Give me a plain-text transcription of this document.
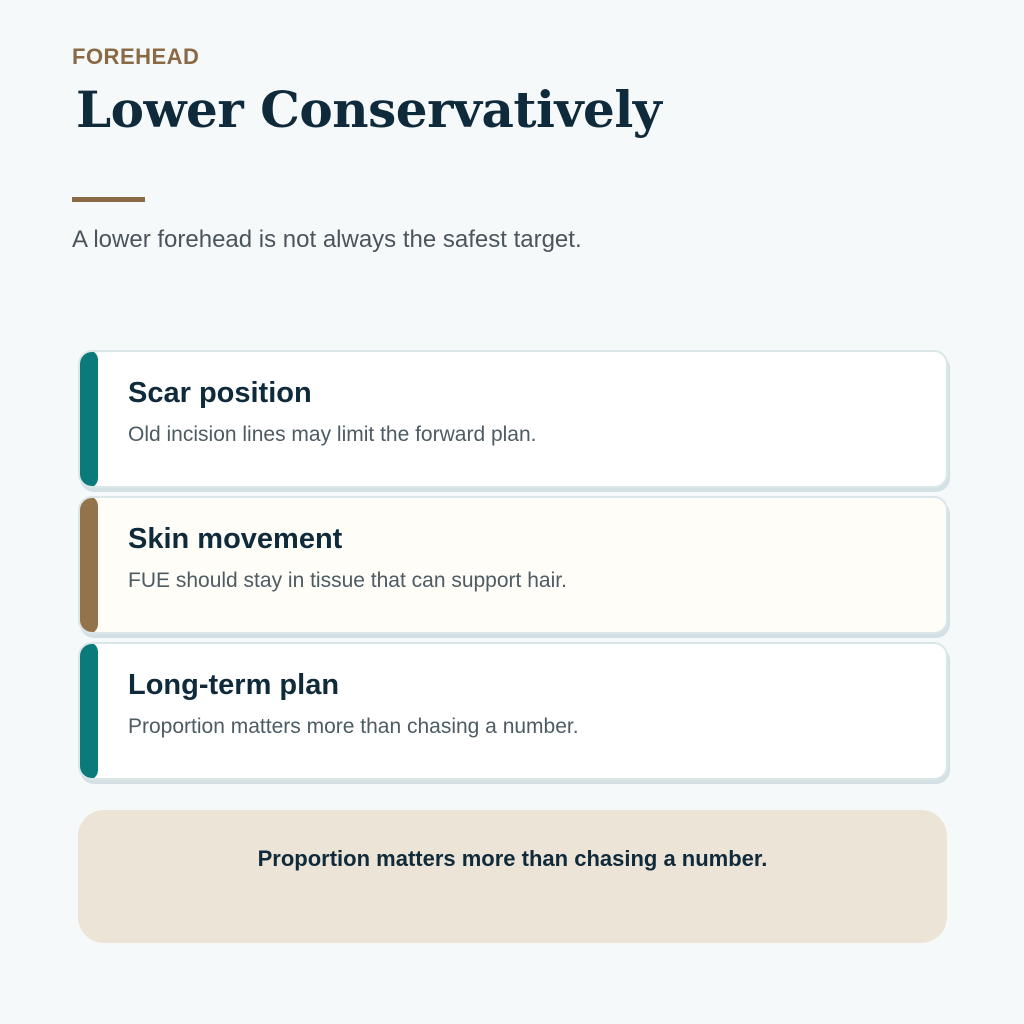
FOREHEAD
Lower Conservatively
A lower forehead is not always the safest target.
Scar position
Old incision lines may limit the forward plan.
Skin movement
FUE should stay in tissue that can support hair.
Long-term plan
Proportion matters more than chasing a number.
Proportion matters more than chasing a number.
